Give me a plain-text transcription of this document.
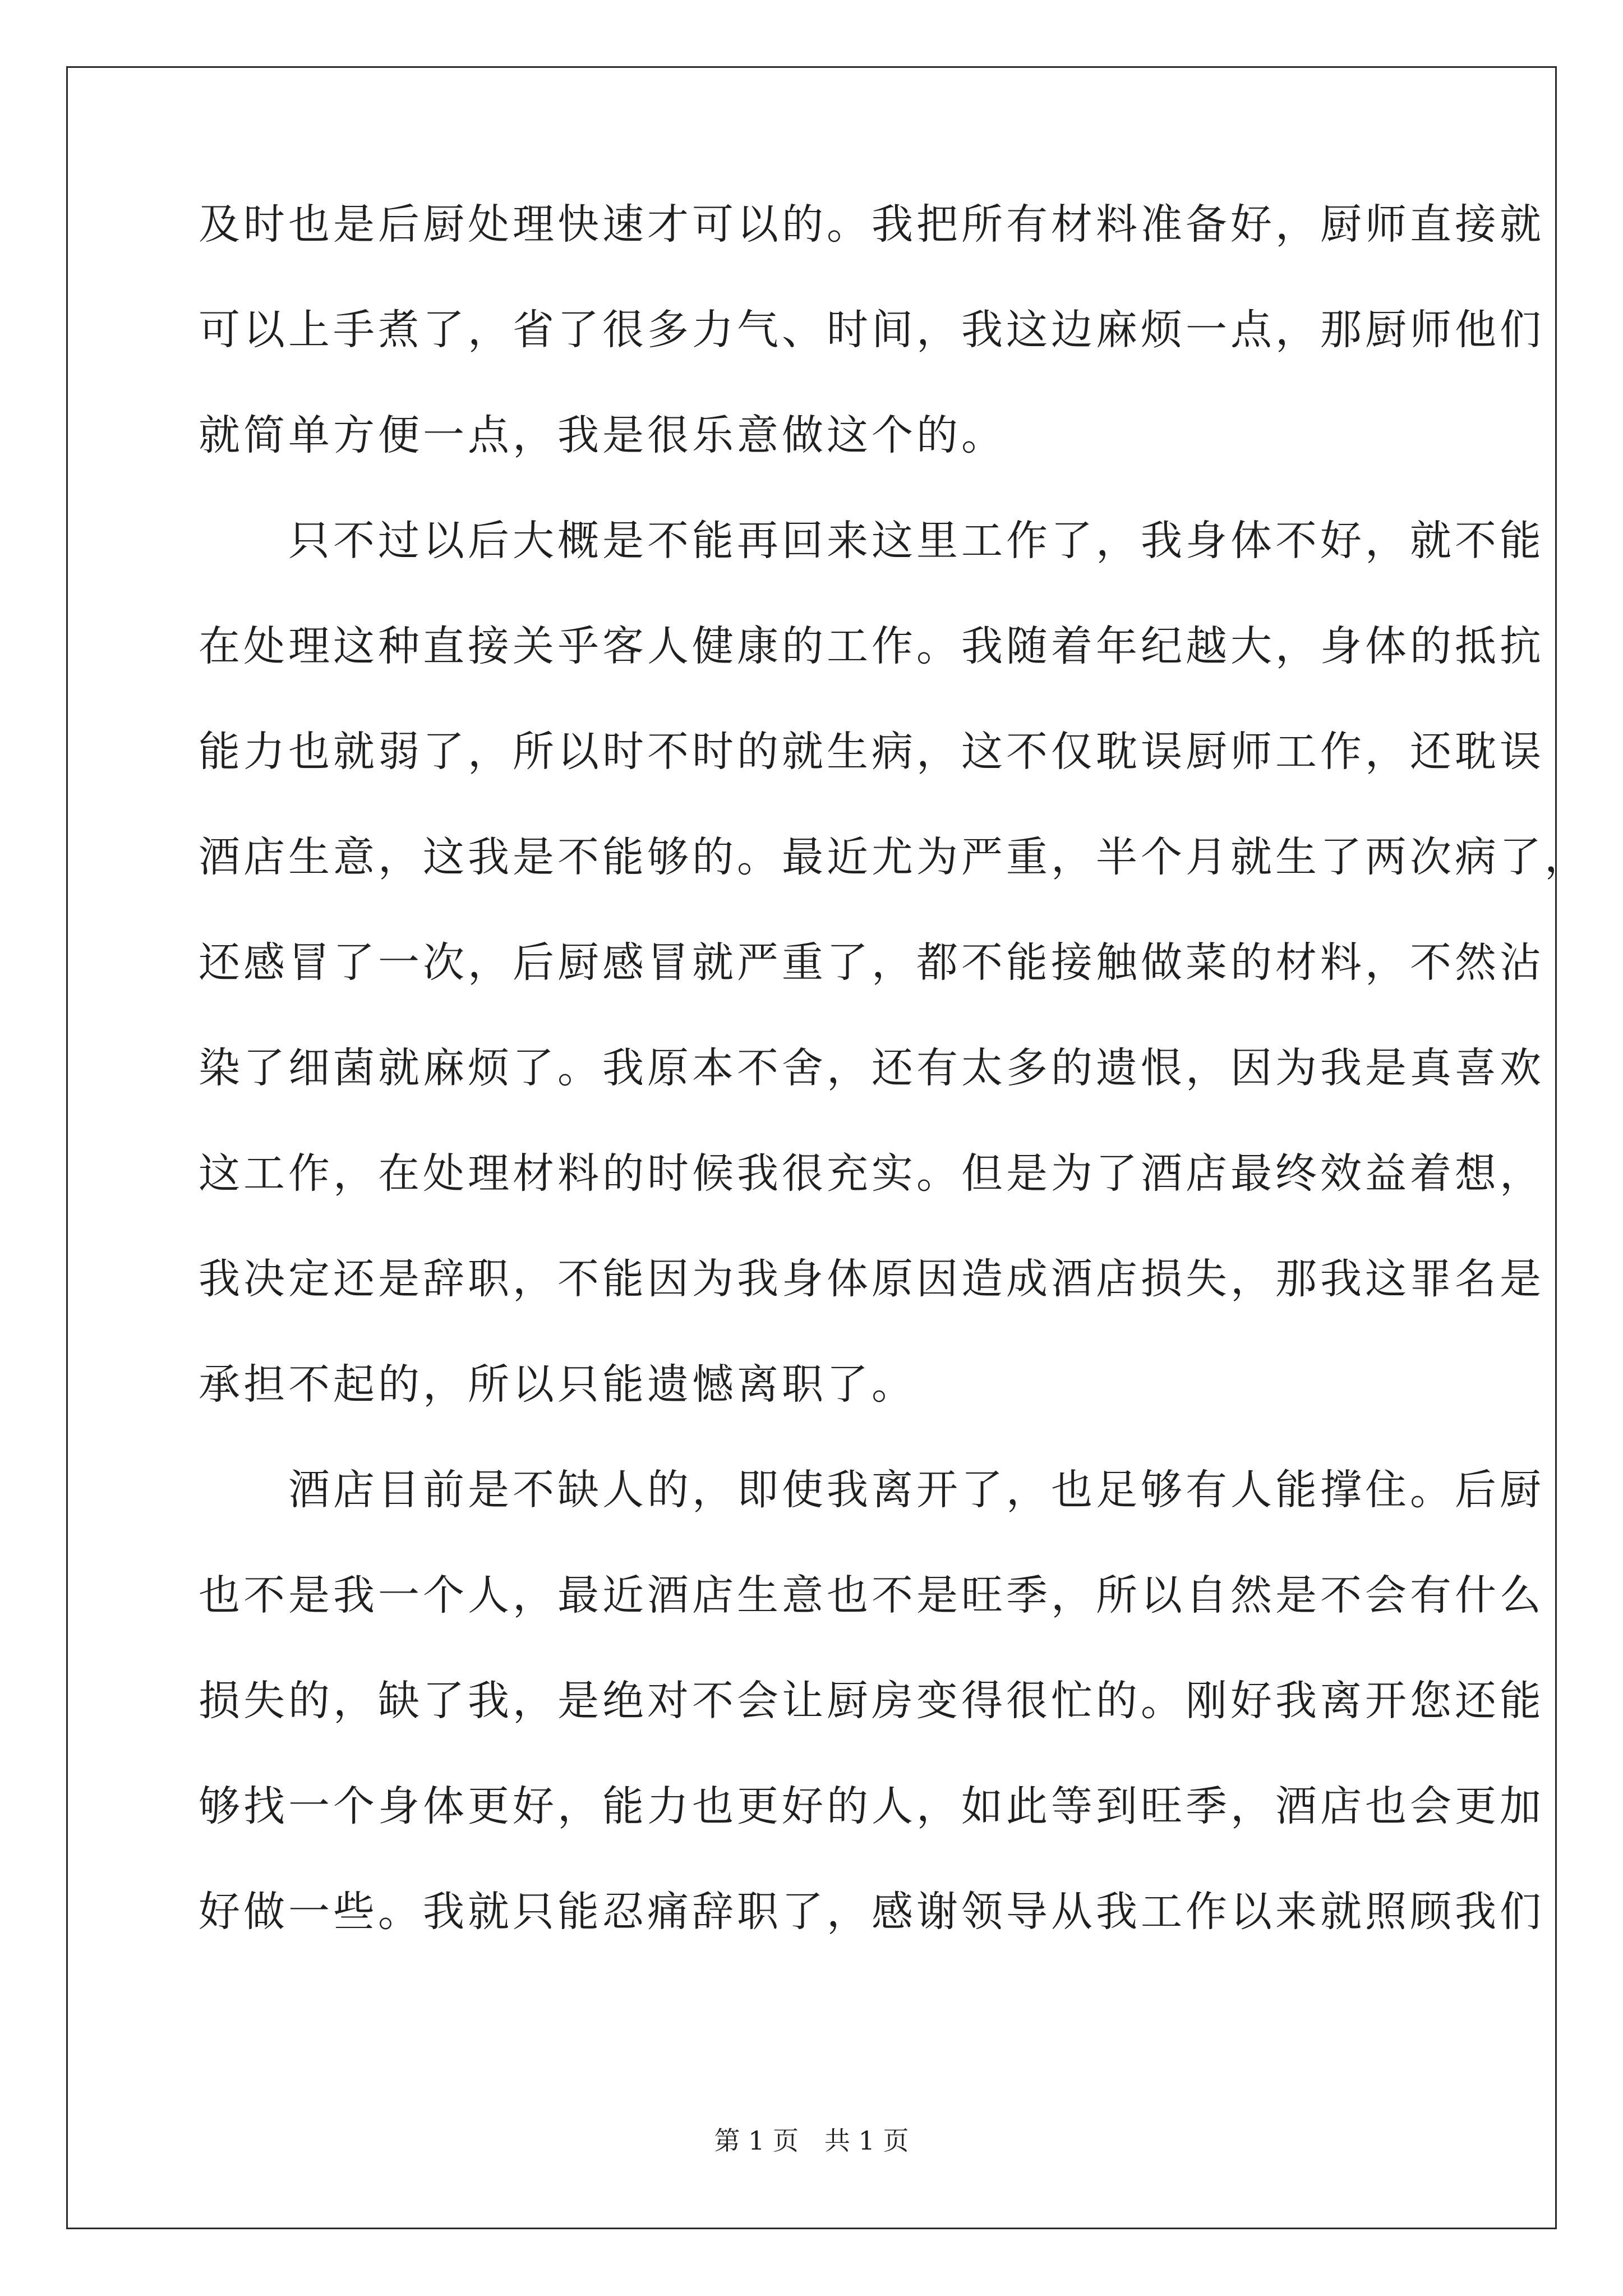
及时也是后厨处理快速才可以的。我把所有材料准备好，厨师直接就
可以上手煮了，省了很多力气、时间，我这边麻烦一点，那厨师他们
就简单方便一点，我是很乐意做这个的。
　　只不过以后大概是不能再回来这里工作了，我身体不好，就不能
在处理这种直接关乎客人健康的工作。我随着年纪越大，身体的抵抗
能力也就弱了，所以时不时的就生病，这不仅耽误厨师工作，还耽误
酒店生意，这我是不能够的。最近尤为严重，半个月就生了两次病了，
还感冒了一次，后厨感冒就严重了，都不能接触做菜的材料，不然沾
染了细菌就麻烦了。我原本不舍，还有太多的遗恨，因为我是真喜欢
这工作，在处理材料的时候我很充实。但是为了酒店最终效益着想，
我决定还是辞职，不能因为我身体原因造成酒店损失，那我这罪名是
承担不起的，所以只能遗憾离职了。
　　酒店目前是不缺人的，即使我离开了，也足够有人能撑住。后厨
也不是我一个人，最近酒店生意也不是旺季，所以自然是不会有什么
损失的，缺了我，是绝对不会让厨房变得很忙的。刚好我离开您还能
够找一个身体更好，能力也更好的人，如此等到旺季，酒店也会更加
好做一些。我就只能忍痛辞职了，感谢领导从我工作以来就照顾我们
第 1 页　共 1 页
